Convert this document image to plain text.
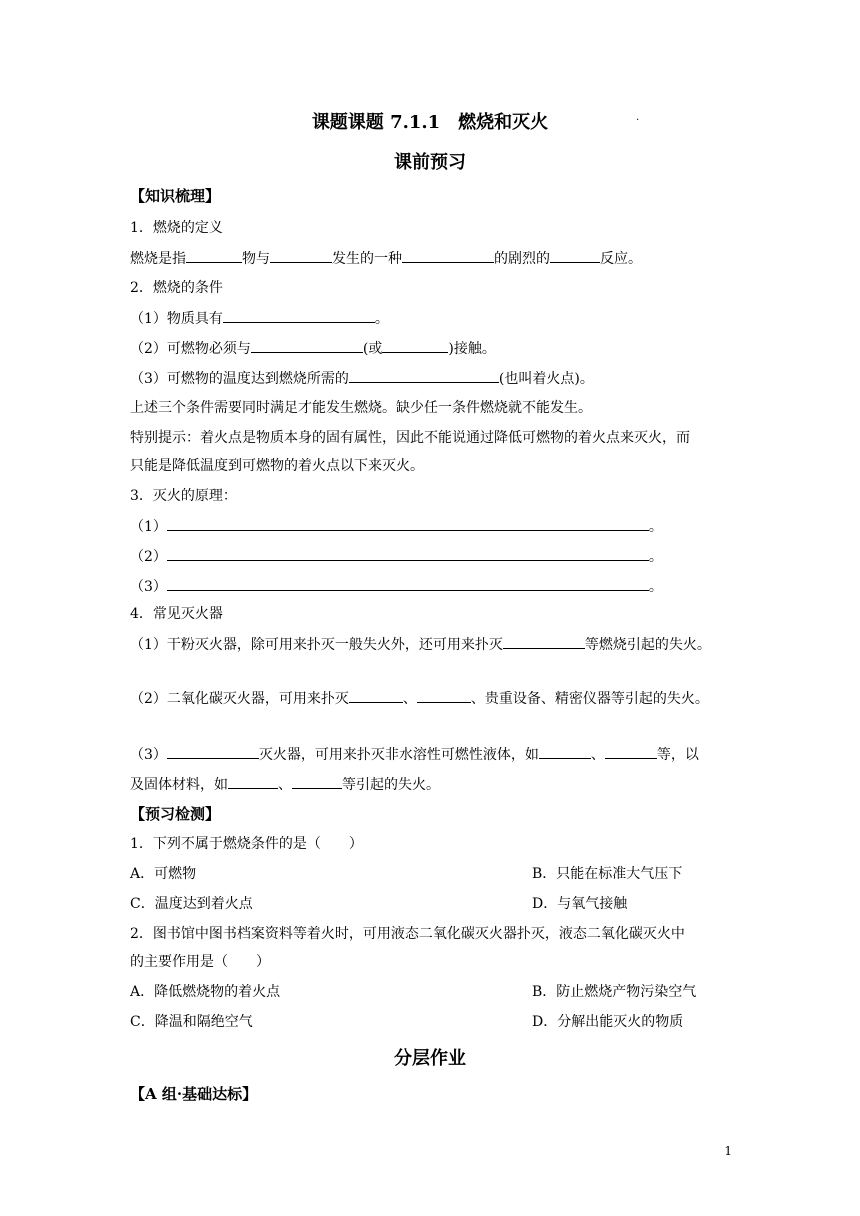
课题课题 7.1.1　燃烧和灭火	.
课前预习
【知识梳理】
1．燃烧的定义
燃烧是指	物与	发生的一种	的剧烈的	反应。
2．燃烧的条件
（1）物质具有	。
（2）可燃物必须与	(或	)接触。
（3）可燃物的温度达到燃烧所需的	(也叫着火点)。
上述三个条件需要同时满足才能发生燃烧。缺少任一条件燃烧就不能发生。
特别提示：着火点是物质本身的固有属性，因此不能说通过降低可燃物的着火点来灭火，而
只能是降低温度到可燃物的着火点以下来灭火。
3．灭火的原理：
（1）	。
（2）	。
（3）	。
4．常见灭火器
（1）干粉灭火器，除可用来扑灭一般失火外，还可用来扑灭	等燃烧引起的失火。
（2）二氧化碳灭火器，可用来扑灭	、	、贵重设备、精密仪器等引起的失火。
（3）	灭火器，可用来扑灭非水溶性可燃性液体，如	、	等，以
及固体材料，如	、	等引起的失火。
【预习检测】
1．下列不属于燃烧条件的是（　　）
A．可燃物	B．只能在标准大气压下
C．温度达到着火点	D．与氧气接触
2．图书馆中图书档案资料等着火时，可用液态二氧化碳灭火器扑灭，液态二氧化碳灭火中
的主要作用是（　　）
A．降低燃烧物的着火点	B．防止燃烧产物污染空气
C．降温和隔绝空气	D．分解出能灭火的物质
分层作业
【A 组·基础达标】
1
